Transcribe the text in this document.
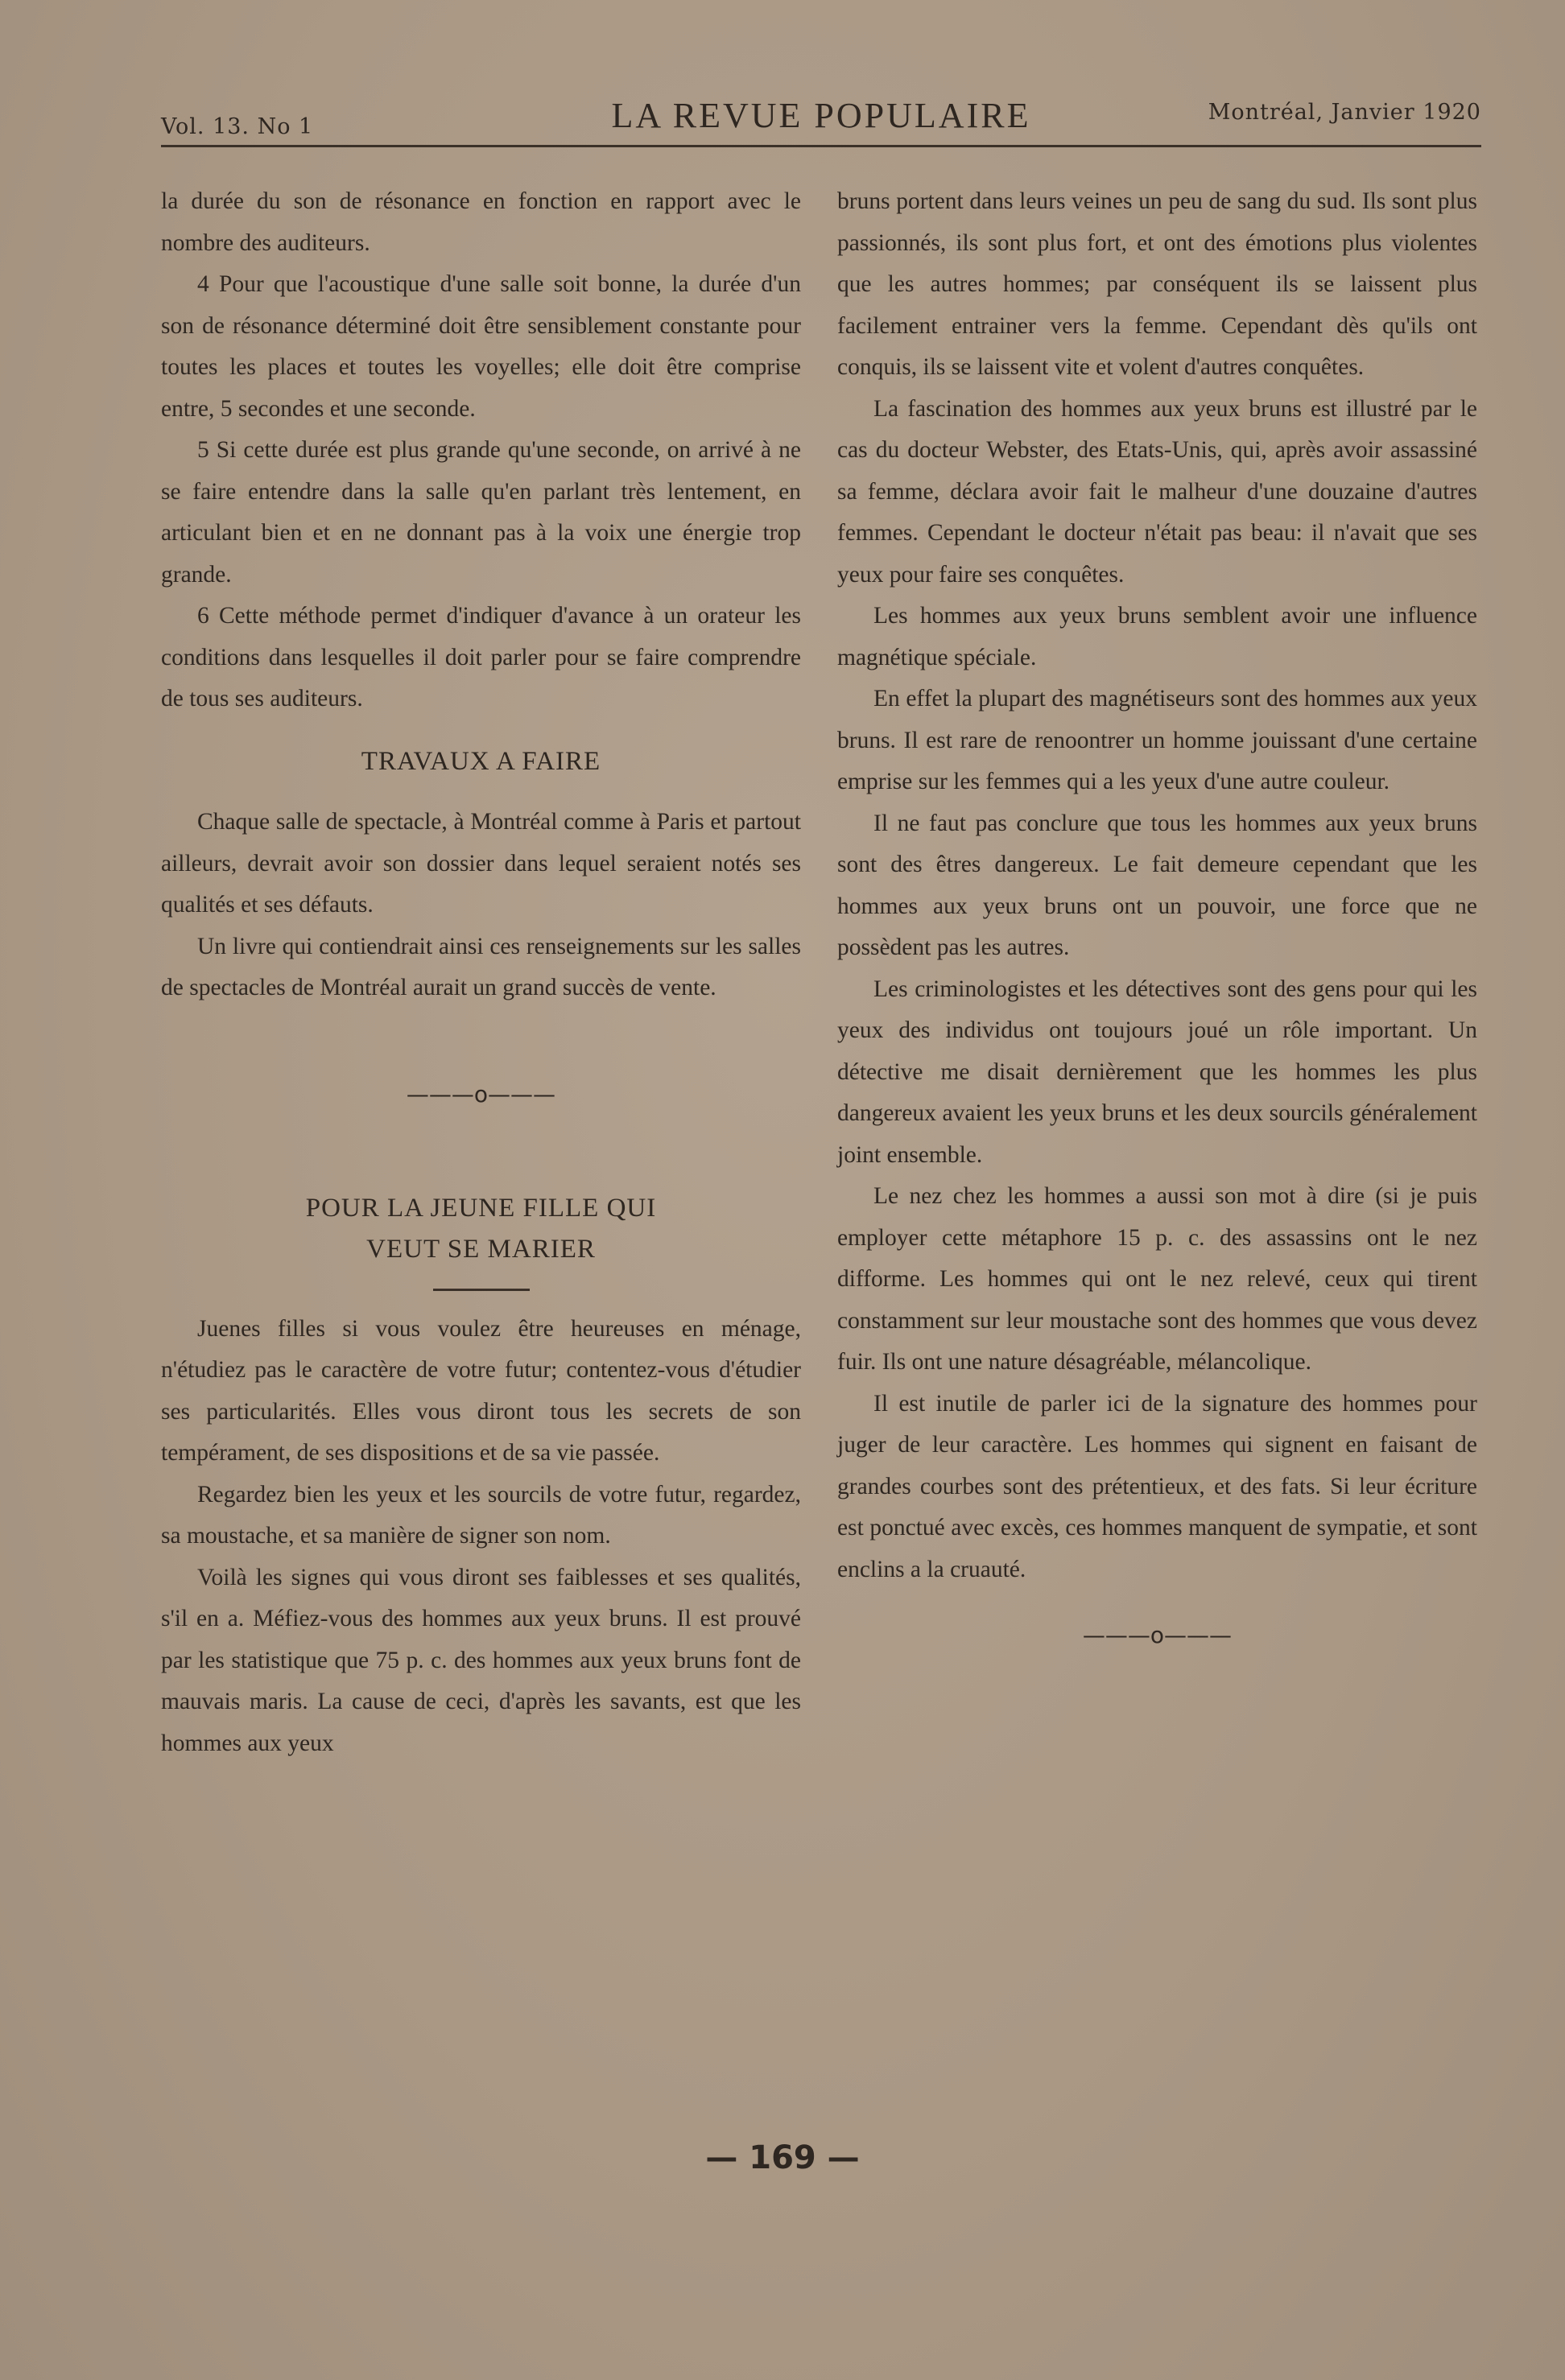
Vol. 13. No 1	LA REVUE POPULAIRE	Montréal, Janvier 1920

la durée du son de résonance en fonction en rapport avec le nombre des auditeurs.

4 Pour que l'acoustique d'une salle soit bonne, la durée d'un son de résonance déterminé doit être sensiblement constante pour toutes les places et toutes les voyelles; elle doit être comprise entre, 5 secondes et une seconde.

5 Si cette durée est plus grande qu'une seconde, on arrivé à ne se faire entendre dans la salle qu'en parlant très lentement, en articulant bien et en ne donnant pas à la voix une énergie trop grande.

6 Cette méthode permet d'indiquer d'avance à un orateur les conditions dans lesquelles il doit parler pour se faire comprendre de tous ses auditeurs.

TRAVAUX A FAIRE

Chaque salle de spectacle, à Montréal comme à Paris et partout ailleurs, devrait avoir son dossier dans lequel seraient notés ses qualités et ses défauts.

Un livre qui contiendrait ainsi ces renseignements sur les salles de spectacles de Montréal aurait un grand succès de vente.

———o———
POUR LA JEUNE FILLE QUI
VEUT SE MARIER

Juenes filles si vous voulez être heureuses en ménage, n'étudiez pas le caractère de votre futur; contentez-vous d'étudier ses particularités. Elles vous diront tous les secrets de son tempérament, de ses dispositions et de sa vie passée.

Regardez bien les yeux et les sourcils de votre futur, regardez, sa moustache, et sa manière de signer son nom.

Voilà les signes qui vous diront ses faiblesses et ses qualités, s'il en a. Méfiez-vous des hommes aux yeux bruns. Il est prouvé par les statistique que 75 p. c. des hommes aux yeux bruns font de mauvais maris. La cause de ceci, d'après les savants, est que les hommes aux yeux

bruns portent dans leurs veines un peu de sang du sud. Ils sont plus passionnés, ils sont plus fort, et ont des émotions plus violentes que les autres hommes; par conséquent ils se laissent plus facilement entrainer vers la femme. Cependant dès qu'ils ont conquis, ils se laissent vite et volent d'autres conquêtes.

La fascination des hommes aux yeux bruns est illustré par le cas du docteur Webster, des Etats-Unis, qui, après avoir assassiné sa femme, déclara avoir fait le malheur d'une douzaine d'autres femmes. Cependant le docteur n'était pas beau: il n'avait que ses yeux pour faire ses conquêtes.

Les hommes aux yeux bruns semblent avoir une influence magnétique spéciale.

En effet la plupart des magnétiseurs sont des hommes aux yeux bruns. Il est rare de renoontrer un homme jouissant d'une certaine emprise sur les femmes qui a les yeux d'une autre couleur.

Il ne faut pas conclure que tous les hommes aux yeux bruns sont des êtres dangereux. Le fait demeure cependant que les hommes aux yeux bruns ont un pouvoir, une force que ne possèdent pas les autres.

Les criminologistes et les détectives sont des gens pour qui les yeux des individus ont toujours joué un rôle important. Un détective me disait dernièrement que les hommes les plus dangereux avaient les yeux bruns et les deux sourcils généralement joint ensemble.

Le nez chez les hommes a aussi son mot à dire (si je puis employer cette métaphore 15 p. c. des assassins ont le nez difforme. Les hommes qui ont le nez relevé, ceux qui tirent constamment sur leur moustache sont des hommes que vous devez fuir. Ils ont une nature désagréable, mélancolique.

Il est inutile de parler ici de la signature des hommes pour juger de leur caractère. Les hommes qui signent en faisant de grandes courbes sont des prétentieux, et des fats. Si leur écriture est ponctué avec excès, ces hommes manquent de sympatie, et sont enclins a la cruauté.

———o———
— 169 —
